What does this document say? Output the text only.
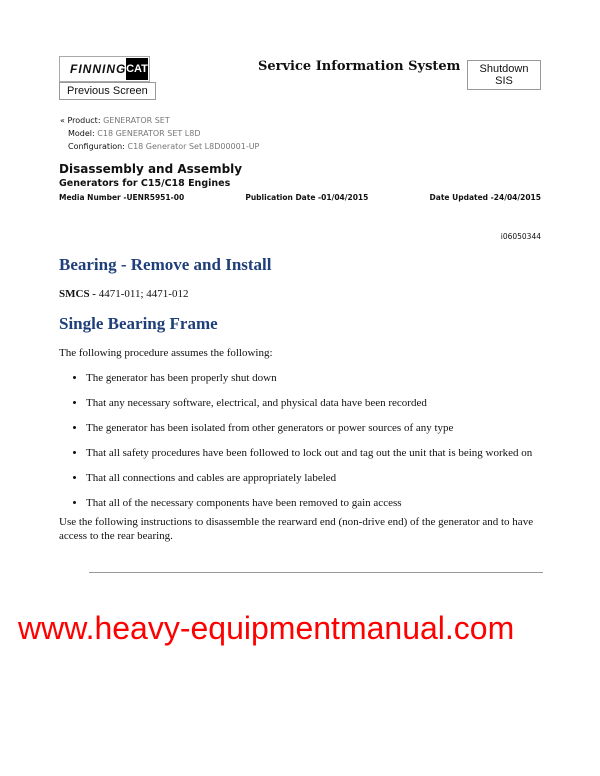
FINNING CAT	Service Information System	Shutdown SIS
Previous Screen
« Product: GENERATOR SET
Model: C18 GENERATOR SET L8D
Configuration: C18 Generator Set L8D00001-UP
Disassembly and Assembly
Generators for C15/C18 Engines
Media Number -UENR5951-00	Publication Date -01/04/2015	Date Updated -24/04/2015
i06050344
Bearing - Remove and Install
SMCS - 4471-011; 4471-012
Single Bearing Frame
The following procedure assumes the following:
• The generator has been properly shut down
• That any necessary software, electrical, and physical data have been recorded
• The generator has been isolated from other generators or power sources of any type
• That all safety procedures have been followed to lock out and tag out the unit that is being worked on
• That all connections and cables are appropriately labeled
• That all of the necessary components have been removed to gain access
Use the following instructions to disassemble the rearward end (non-drive end) of the generator and to have access to the rear bearing.
www.heavy-equipmentmanual.com
